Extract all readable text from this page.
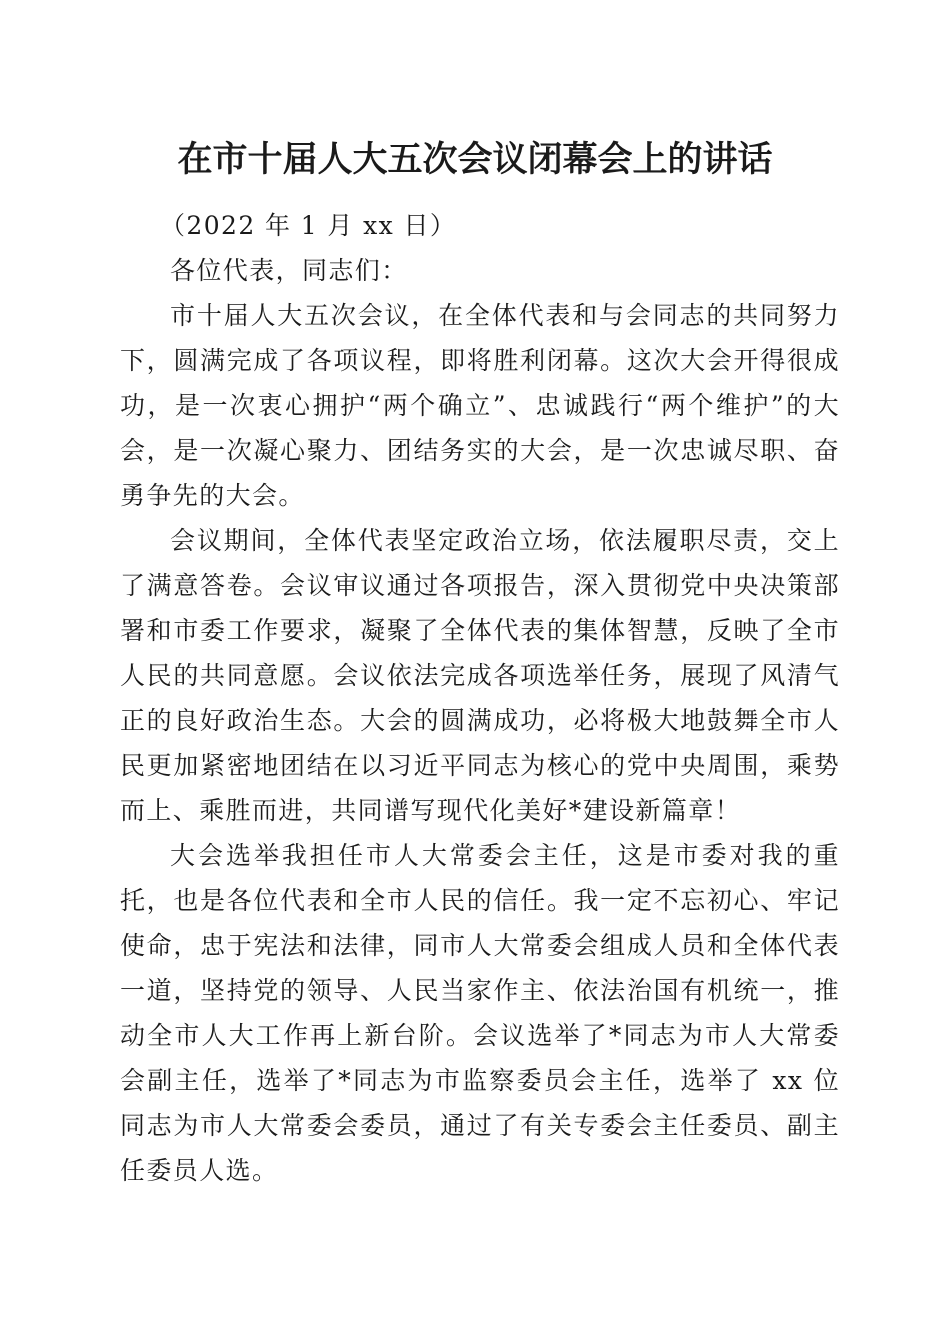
在市十届人大五次会议闭幕会上的讲话

（2022 年 1 月 xx 日）

各位代表，同志们：

市十届人大五次会议，在全体代表和与会同志的共同努力下，圆满完成了各项议程，即将胜利闭幕。这次大会开得很成功，是一次衷心拥护“两个确立”、忠诚践行“两个维护”的大会，是一次凝心聚力、团结务实的大会，是一次忠诚尽职、奋勇争先的大会。

会议期间，全体代表坚定政治立场，依法履职尽责，交上了满意答卷。会议审议通过各项报告，深入贯彻党中央决策部署和市委工作要求，凝聚了全体代表的集体智慧，反映了全市人民的共同意愿。会议依法完成各项选举任务，展现了风清气正的良好政治生态。大会的圆满成功，必将极大地鼓舞全市人民更加紧密地团结在以习近平同志为核心的党中央周围，乘势而上、乘胜而进，共同谱写现代化美好*建设新篇章！

大会选举我担任市人大常委会主任，这是市委对我的重托，也是各位代表和全市人民的信任。我一定不忘初心、牢记使命，忠于宪法和法律，同市人大常委会组成人员和全体代表一道，坚持党的领导、人民当家作主、依法治国有机统一，推动全市人大工作再上新台阶。会议选举了*同志为市人大常委会副主任，选举了*同志为市监察委员会主任，选举了 xx 位同志为市人大常委会委员，通过了有关专委会主任委员、副主任委员人选。
